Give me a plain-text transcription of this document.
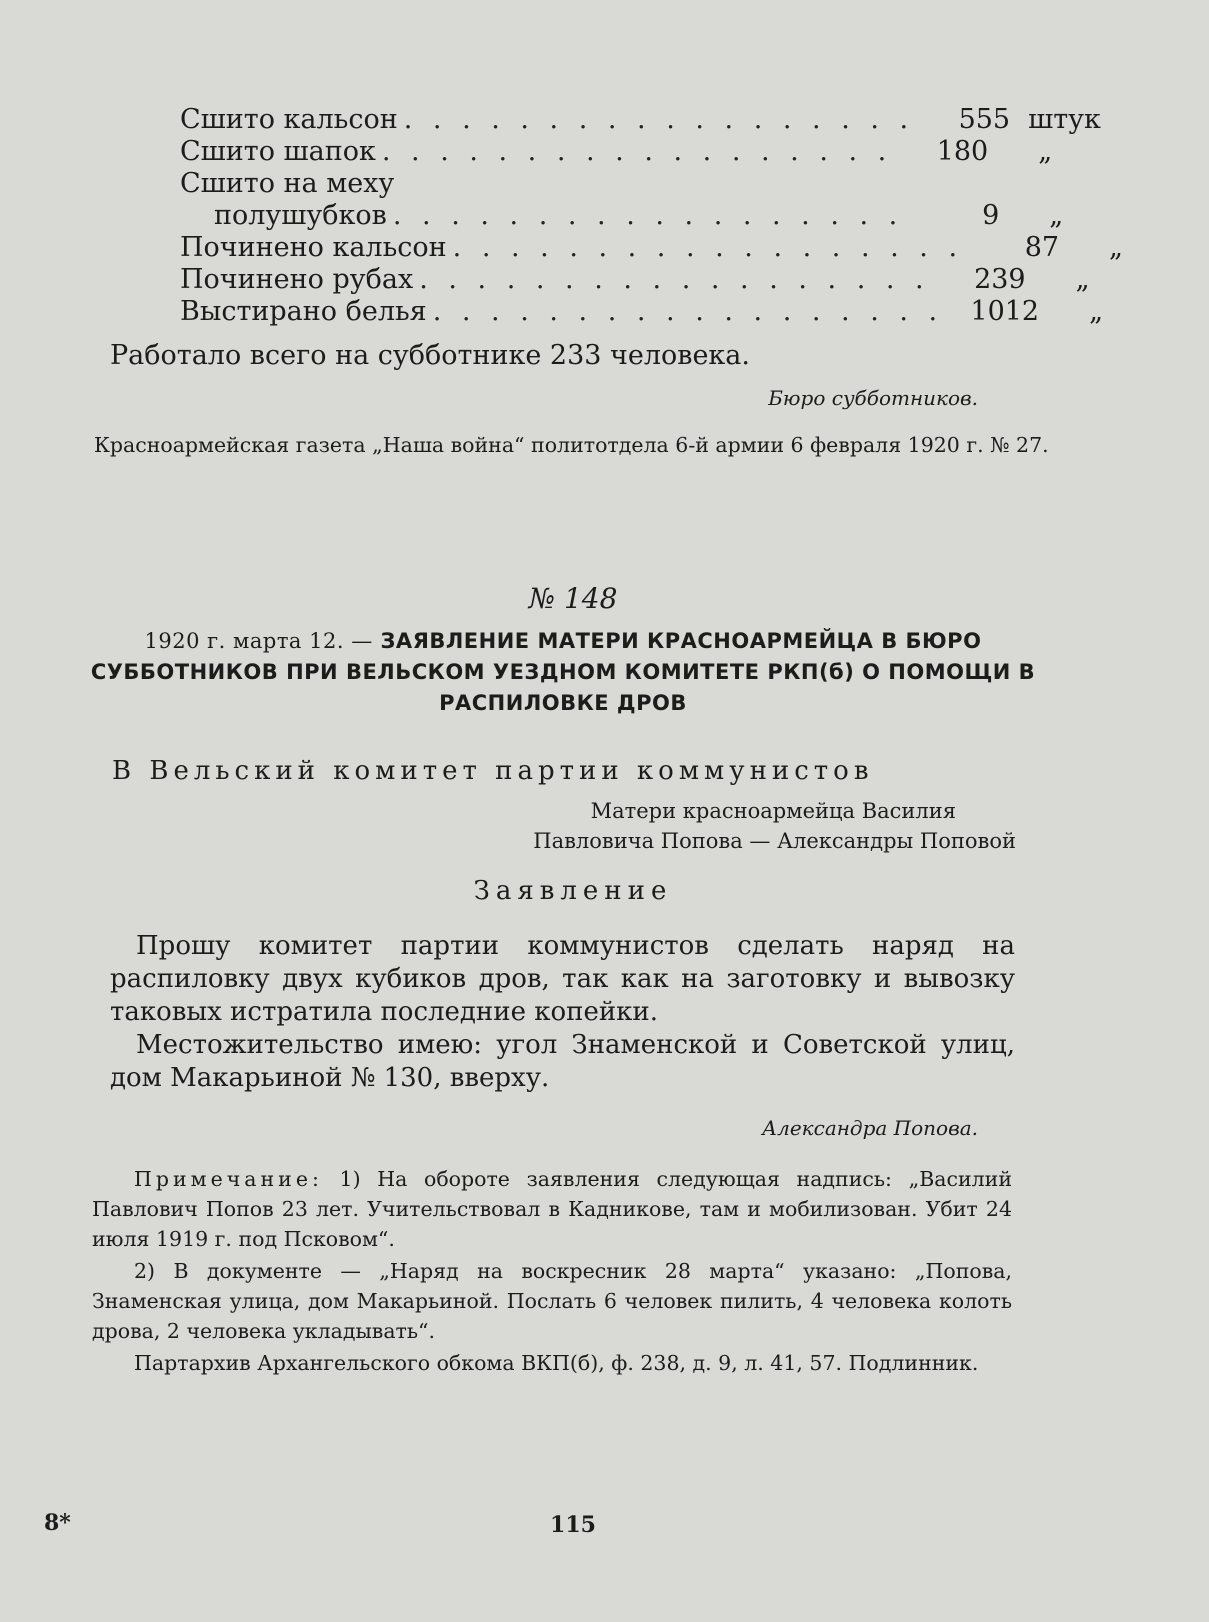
Сшито кальсон . . . . . . . . . . . . . . . . . .	555 штук
Сшито шапок . . . . . . . . . . . . . . . . . .	180	„
Сшито на меху
полушубков . . . . . . . . . . . . . . . . . .	9	„
Починено кальсон . . . . . . . . . . . . . . . . . .	87	„
Починено рубах . . . . . . . . . . . . . . . . . .	239	„
Выстирано белья . . . . . . . . . . . . . . . . . .	1012	„
Работало всего на субботнике 233 человека.
Бюро субботников.
Красноармейская газета „Наша война“ политотдела 6-й армии 6 февраля 1920 г. № 27.
№ 148
1920 г. марта 12. — ЗАЯВЛЕНИЕ МАТЕРИ КРАСНОАРМЕЙЦА В БЮРО СУББОТНИКОВ ПРИ ВЕЛЬСКОМ УЕЗДНОМ КОМИТЕТЕ РКП(б) О ПОМОЩИ В РАСПИЛОВКЕ ДРОВ
В Вельский комитет партии коммунистов
Матери красноармейца Василия
Павловича Попова — Александры Поповой
Заявление

Прошу комитет партии коммунистов сделать наряд на распиловку двух кубиков дров, так как на заготовку и вывозку таковых истратила последние копейки.

Местожительство имею: угол Знаменской и Советской улиц, дом Макарьиной № 130, вверху.

Александра Попова.

Примечание: 1) На обороте заявления следующая надпись: „Василий Павлович Попов 23 лет. Учительствовал в Кадникове, там и мобилизован. Убит 24 июля 1919 г. под Псковом“.

2) В документе — „Наряд на воскресник 28 марта“ указано: „Попова, Знаменская улица, дом Макарьиной. Послать 6 человек пилить, 4 человека колоть дрова, 2 человека укладывать“.

Партархив Архангельского обкома ВКП(б), ф. 238, д. 9, л. 41, 57. Подлинник.
8*	115
